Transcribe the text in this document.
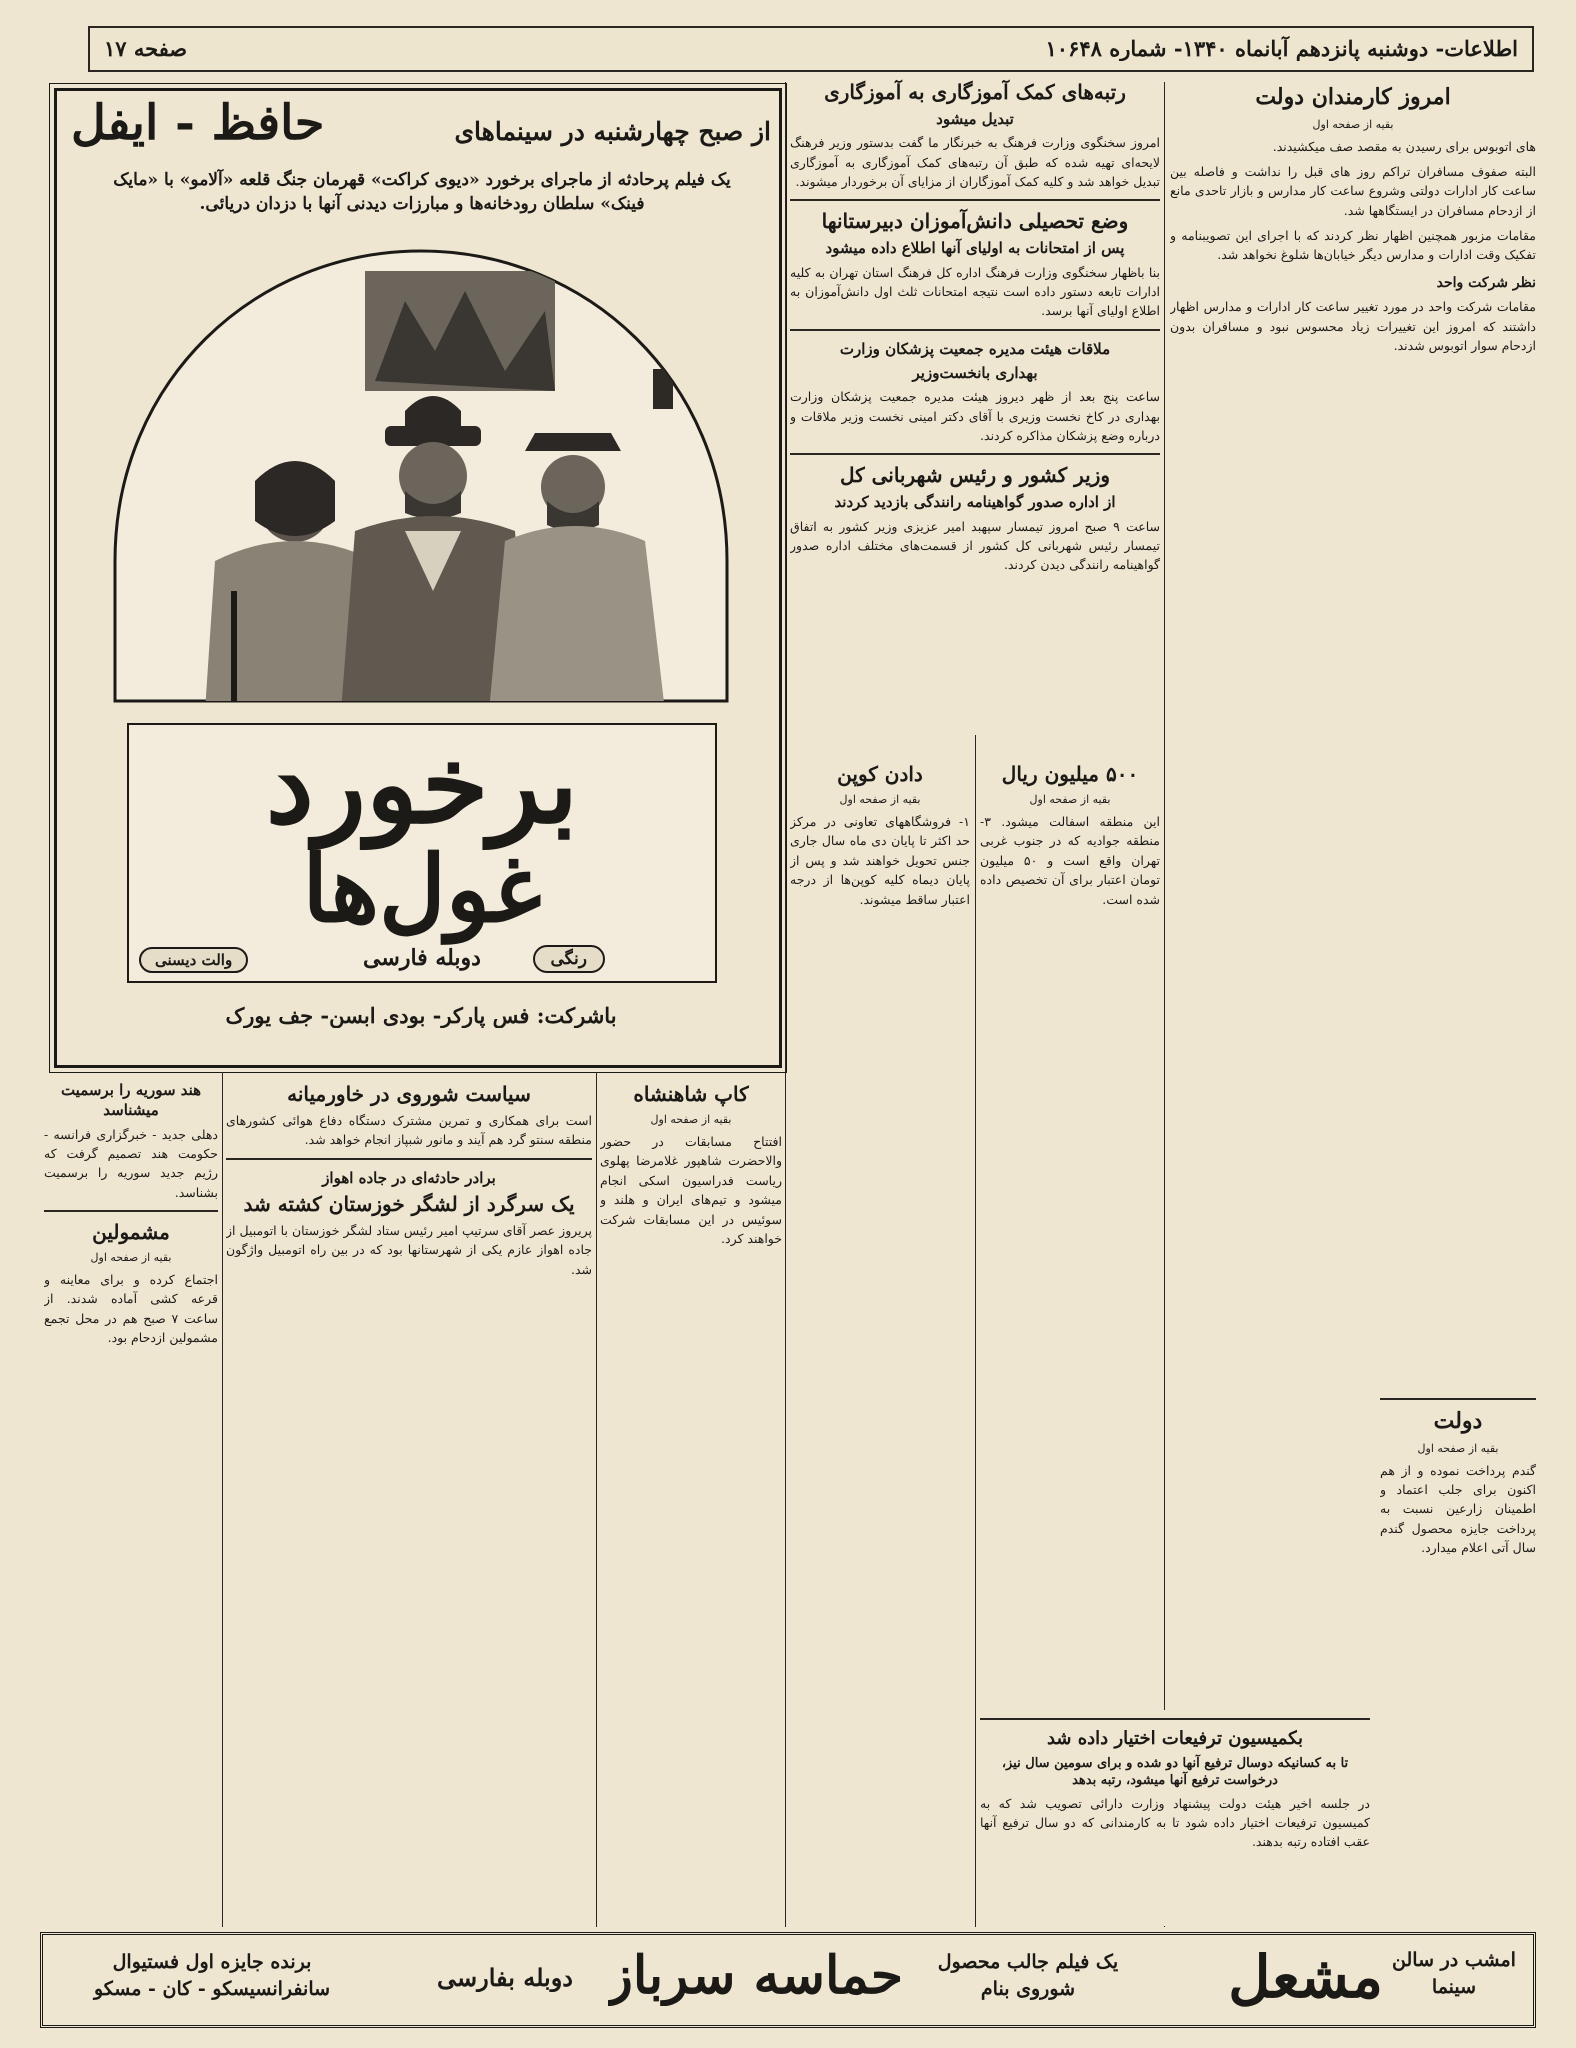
اطلاعات- دوشنبه پانزدهم آبانماه ۱۳۴۰- شماره ۱۰۶۴۸
صفحه ۱۷
از صبح چهارشنبه در سینماهای
حافظ - ایفل
یک فیلم پرحادثه از ماجرای برخورد «دیوی کراکت» قهرمان جنگ قلعه «آلامو» با «مایک فینک» سلطان رودخانه‌ها و مبارزات دیدنی آنها با دزدان دریائی.
برخورد
غول‌ها
رنگی
دوبله فارسی
والت دیسنی
باشرکت: فس پارکر- بودی ابسن- جف یورک
امروز کارمندان دولت
بقیه از صفحه اول

های اتوبوس برای رسیدن به مقصد صف میکشیدند.

البته صفوف مسافران تراکم روز های قبل را نداشت و فاصله بین ساعت کار ادارات دولتی وشروع ساعت کار مدارس و بازار تاحدی مانع از ازدحام مسافران در ایستگاهها شد.

مقامات مزبور همچنین اظهار نظر کردند که با اجرای این تصویبنامه و تفکیک وقت ادارات و مدارس دیگر خیابان‌ها شلوغ نخواهد شد.

نظر شرکت واحد

مقامات شرکت واحد در مورد تغییر ساعت کار ادارات و مدارس اظهار داشتند که امروز این تغییرات زیاد محسوس نبود و مسافران بدون ازدحام سوار اتوبوس شدند.

دولت
بقیه از صفحه اول

گندم پرداخت نموده و از هم اکنون برای جلب اعتماد و اطمینان زارعین نسبت به پرداخت جایزه محصول گندم سال آتی اعلام میدارد.

رتبه‌های کمک آموزگاری به آموزگاری
تبدیل میشود

امروز سخنگوی وزارت فرهنگ به خبرنگار ما گفت بدستور وزیر فرهنگ لایحه‌ای تهیه شده که طبق آن رتبه‌های کمک آموزگاری به آموزگاری تبدیل خواهد شد و کلیه کمک آموزگاران از مزایای آن برخوردار میشوند.

وضع تحصیلی دانش‌آموزان دبیرستانها
پس از امتحانات به اولیای آنها اطلاع داده میشود

بنا باظهار سخنگوی وزارت فرهنگ اداره کل فرهنگ استان تهران به کلیه ادارات تابعه دستور داده است نتیجه امتحانات ثلث اول دانش‌آموزان به اطلاع اولیای آنها برسد.

ملاقات هیئت مدیره جمعیت پزشکان وزارت
بهداری بانخست‌وزیر

ساعت پنج بعد از ظهر دیروز هیئت مدیره جمعیت پزشکان وزارت بهداری در کاخ نخست وزیری با آقای دکتر امینی نخست وزیر ملاقات و درباره وضع پزشکان مذاکره کردند.

وزیر کشور و رئیس شهربانی کل
از اداره صدور گواهینامه رانندگی بازدید کردند

ساعت ۹ صبح امروز تیمسار سپهبد امیر عزیزی وزیر کشور به اتفاق تیمسار رئیس شهربانی کل کشور از قسمت‌های مختلف اداره صدور گواهینامه رانندگی دیدن کردند.

دادن کوپن
بقیه از صفحه اول

۱- فروشگاههای تعاونی در مرکز حد اکثر تا پایان دی ماه سال جاری جنس تحویل خواهند شد و پس از پایان دیماه کلیه کوپن‌ها از درجه اعتبار ساقط میشوند.

۵۰۰ میلیون ریال
بقیه از صفحه اول

این منطقه اسفالت میشود. ۳- منطقه جوادیه که در جنوب غربی تهران واقع است و ۵۰ میلیون تومان اعتبار برای آن تخصیص داده شده است.

بکمیسیون ترفیعات اختیار داده شد
تا به کسانیکه دوسال ترفیع آنها دو شده و برای سومین سال نیز، درخواست ترفیع آنها میشود، رتبه بدهد

در جلسه اخیر هیئت دولت پیشنهاد وزارت دارائی تصویب شد که به کمیسیون ترفیعات اختیار داده شود تا به کارمندانی که دو سال ترفیع آنها عقب افتاده رتبه بدهند.

کاپ شاهنشاه
بقیه از صفحه اول

افتتاح مسابقات در حضور والاحضرت شاهپور غلامرضا پهلوی ریاست فدراسیون اسکی انجام میشود و تیم‌های ایران و هلند و سوئیس در این مسابقات شرکت خواهند کرد.

سیاست شوروی در خاورمیانه

است برای همکاری و تمرین مشترک دستگاه دفاع هوائی کشورهای منطقه سنتو گرد هم آیند و مانور شبپاز انجام خواهد شد.

برادر حادثه‌ای در جاده اهواز
یک سرگرد از لشگر خوزستان کشته شد

پریروز عصر آقای سرتیپ امیر رئیس ستاد لشگر خوزستان با اتومبیل از جاده اهواز عازم یکی از شهرستانها بود که در بین راه اتومبیل واژگون شد.

هند سوریه را برسمیت میشناسد

دهلی جدید - خبرگزاری فرانسه - حکومت هند تصمیم گرفت که رژیم جدید سوریه را برسمیت بشناسد.

مشمولین
بقیه از صفحه اول

اجتماع کرده و برای معاینه و قرعه کشی آماده شدند. از ساعت ۷ صبح هم در محل تجمع مشمولین ازدحام بود.

امشب در سالن سینما
مشعل
یک فیلم جالب محصول شوروی بنام
حماسه سرباز
دوبله بفارسی
برنده جایزه اول فستیوال سانفرانسیسکو - کان - مسکو
